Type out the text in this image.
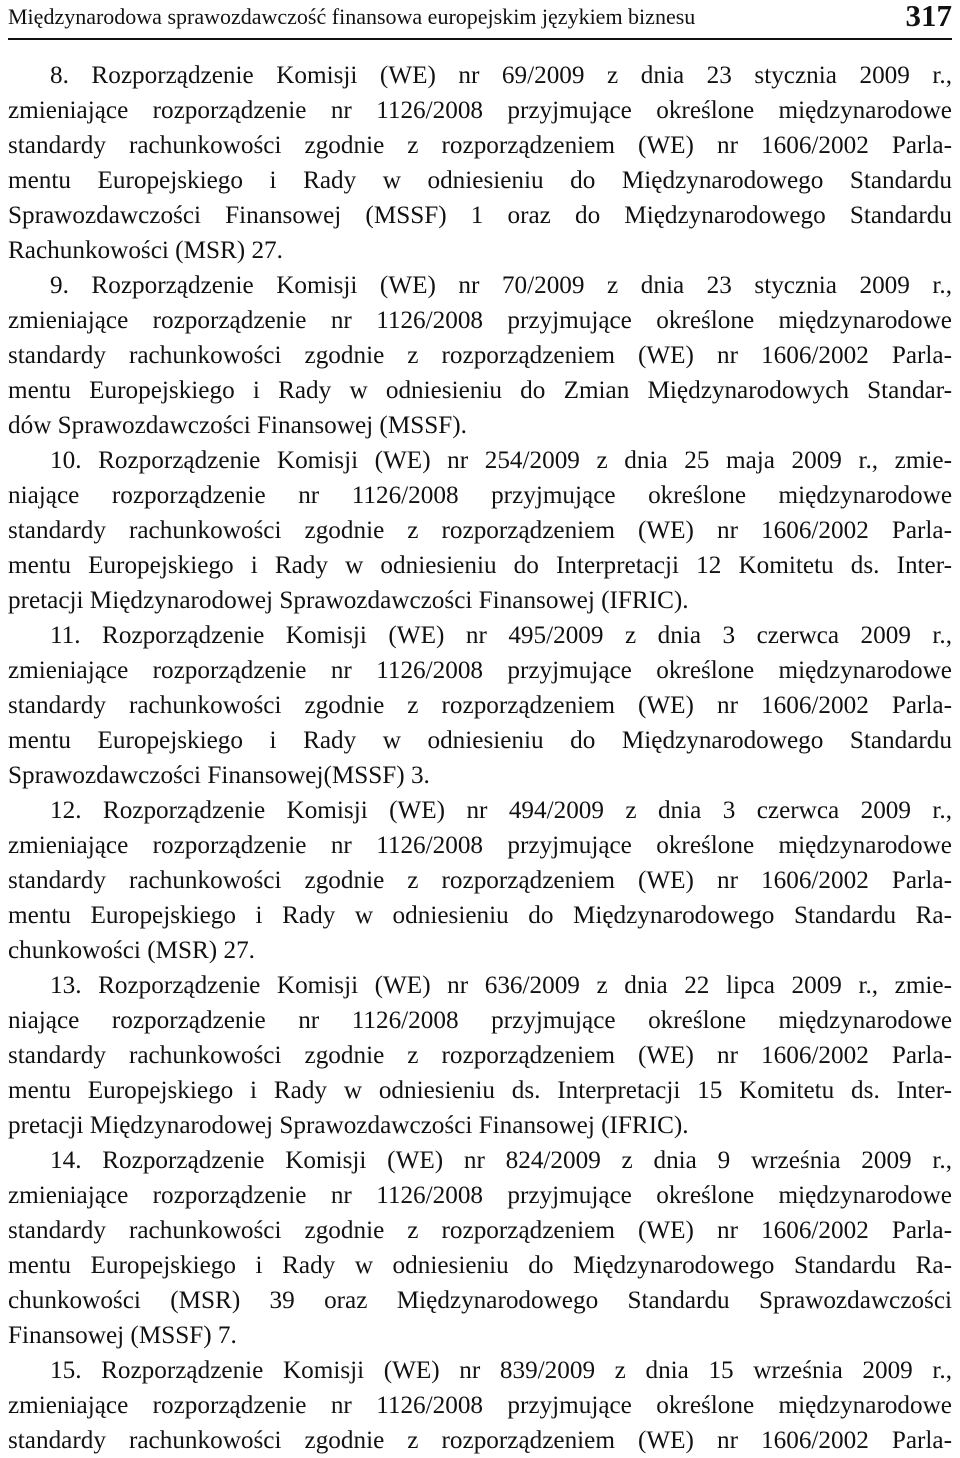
Międzynarodowa sprawozdawczość finansowa europejskim językiem biznesu	317
8. Rozporządzenie Komisji (WE) nr 69/2009 z dnia 23 stycznia 2009 r.,
zmieniające rozporządzenie nr 1126/2008 przyjmujące określone międzynarodowe
standardy rachunkowości zgodnie z rozporządzeniem (WE) nr 1606/2002 Parla-
mentu Europejskiego i Rady w odniesieniu do Międzynarodowego Standardu
Sprawozdawczości Finansowej (MSSF) 1 oraz do Międzynarodowego Standardu
Rachunkowości (MSR) 27.
9. Rozporządzenie Komisji (WE) nr 70/2009 z dnia 23 stycznia 2009 r.,
zmieniające rozporządzenie nr 1126/2008 przyjmujące określone międzynarodowe
standardy rachunkowości zgodnie z rozporządzeniem (WE) nr 1606/2002 Parla-
mentu Europejskiego i Rady w odniesieniu do Zmian Międzynarodowych Standar-
dów Sprawozdawczości Finansowej (MSSF).
10. Rozporządzenie Komisji (WE) nr 254/2009 z dnia 25 maja 2009 r., zmie-
niające rozporządzenie nr 1126/2008 przyjmujące określone międzynarodowe
standardy rachunkowości zgodnie z rozporządzeniem (WE) nr 1606/2002 Parla-
mentu Europejskiego i Rady w odniesieniu do Interpretacji 12 Komitetu ds. Inter-
pretacji Międzynarodowej Sprawozdawczości Finansowej (IFRIC).
11. Rozporządzenie Komisji (WE) nr 495/2009 z dnia 3 czerwca 2009 r.,
zmieniające rozporządzenie nr 1126/2008 przyjmujące określone międzynarodowe
standardy rachunkowości zgodnie z rozporządzeniem (WE) nr 1606/2002 Parla-
mentu Europejskiego i Rady w odniesieniu do Międzynarodowego Standardu
Sprawozdawczości Finansowej(MSSF) 3.
12. Rozporządzenie Komisji (WE) nr 494/2009 z dnia 3 czerwca 2009 r.,
zmieniające rozporządzenie nr 1126/2008 przyjmujące określone międzynarodowe
standardy rachunkowości zgodnie z rozporządzeniem (WE) nr 1606/2002 Parla-
mentu Europejskiego i Rady w odniesieniu do Międzynarodowego Standardu Ra-
chunkowości (MSR) 27.
13. Rozporządzenie Komisji (WE) nr 636/2009 z dnia 22 lipca 2009 r., zmie-
niające rozporządzenie nr 1126/2008 przyjmujące określone międzynarodowe
standardy rachunkowości zgodnie z rozporządzeniem (WE) nr 1606/2002 Parla-
mentu Europejskiego i Rady w odniesieniu ds. Interpretacji 15 Komitetu ds. Inter-
pretacji Międzynarodowej Sprawozdawczości Finansowej (IFRIC).
14. Rozporządzenie Komisji (WE) nr 824/2009 z dnia 9 września 2009 r.,
zmieniające rozporządzenie nr 1126/2008 przyjmujące określone międzynarodowe
standardy rachunkowości zgodnie z rozporządzeniem (WE) nr 1606/2002 Parla-
mentu Europejskiego i Rady w odniesieniu do Międzynarodowego Standardu Ra-
chunkowości (MSR) 39 oraz Międzynarodowego Standardu Sprawozdawczości
Finansowej (MSSF) 7.
15. Rozporządzenie Komisji (WE) nr 839/2009 z dnia 15 września 2009 r.,
zmieniające rozporządzenie nr 1126/2008 przyjmujące określone międzynarodowe
standardy rachunkowości zgodnie z rozporządzeniem (WE) nr 1606/2002 Parla-
